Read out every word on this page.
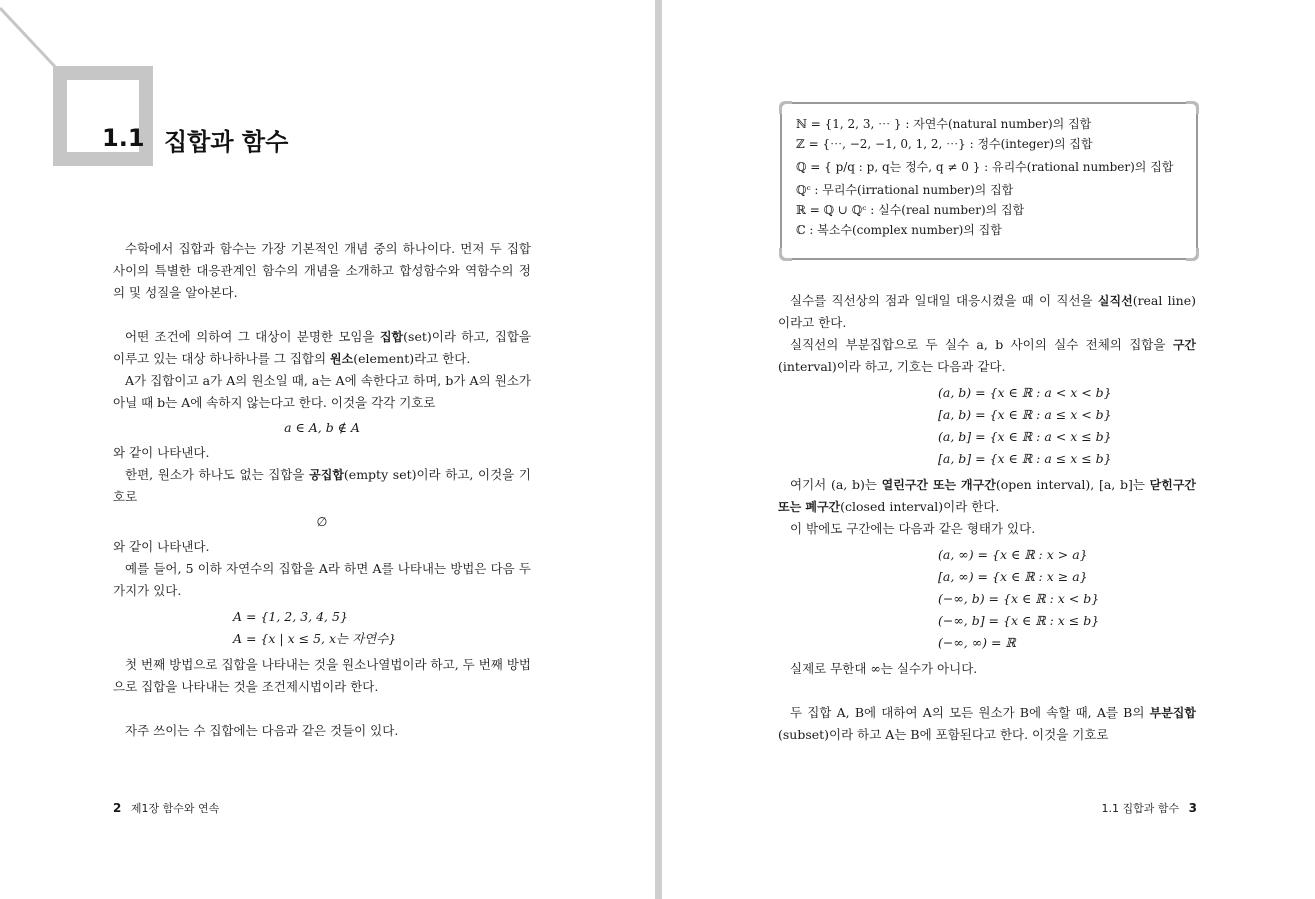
1.1 집합과 함수

수학에서 집합과 함수는 가장 기본적인 개념 중의 하나이다. 먼저 두 집합 사이의 특별한 대응관계인 함수의 개념을 소개하고 합성함수와 역함수의 정의 및 성질을 알아본다.

어떤 조건에 의하여 그 대상이 분명한 모임을 집합(set)이라 하고, 집합을 이루고 있는 대상 하나하나를 그 집합의 원소(element)라고 한다.

A가 집합이고 a가 A의 원소일 때, a는 A에 속한다고 하며, b가 A의 원소가 아닐 때 b는 A에 속하지 않는다고 한다. 이것을 각각 기호로

a ∈ A, b ∉ A

와 같이 나타낸다.

한편, 원소가 하나도 없는 집합을 공집합(empty set)이라 하고, 이것을 기호로

∅

와 같이 나타낸다.

예를 들어, 5 이하 자연수의 집합을 A라 하면 A를 나타내는 방법은 다음 두 가지가 있다.

A = {1, 2, 3, 4, 5}

A = {x | x ≤ 5, x는 자연수}

첫 번째 방법으로 집합을 나타내는 것을 원소나열법이라 하고, 두 번째 방법으로 집합을 나타내는 것을 조건제시법이라 한다.

자주 쓰이는 수 집합에는 다음과 같은 것들이 있다.

2 제1장 함수와 연속

ℕ = {1, 2, 3, ⋯ } : 자연수(natural number)의 집합

ℤ = {⋯, −2, −1, 0, 1, 2, ⋯} : 정수(integer)의 집합

ℚ = { p/q : p, q는 정수, q ≠ 0 } : 유리수(rational number)의 집합

ℚᶜ : 무리수(irrational number)의 집합

ℝ = ℚ ∪ ℚᶜ : 실수(real number)의 집합

ℂ : 복소수(complex number)의 집합

실수를 직선상의 점과 일대일 대응시켰을 때 이 직선을 실직선(real line)이라고 한다.

실직선의 부분집합으로 두 실수 a, b 사이의 실수 전체의 집합을 구간(interval)이라 하고, 기호는 다음과 같다.

(a, b) = {x ∈ ℝ : a < x < b}

[a, b) = {x ∈ ℝ : a ≤ x < b}

(a, b] = {x ∈ ℝ : a < x ≤ b}

[a, b] = {x ∈ ℝ : a ≤ x ≤ b}

여기서 (a, b)는 열린구간 또는 개구간(open interval), [a, b]는 닫힌구간 또는 폐구간(closed interval)이라 한다.

이 밖에도 구간에는 다음과 같은 형태가 있다.

(a, ∞) = {x ∈ ℝ : x > a}

[a, ∞) = {x ∈ ℝ : x ≥ a}

(−∞, b) = {x ∈ ℝ : x < b}

(−∞, b] = {x ∈ ℝ : x ≤ b}

(−∞, ∞) = ℝ

실제로 무한대 ∞는 실수가 아니다.

두 집합 A, B에 대하여 A의 모든 원소가 B에 속할 때, A를 B의 부분집합(subset)이라 하고 A는 B에 포함된다고 한다. 이것을 기호로

1.1 집합과 함수 3
